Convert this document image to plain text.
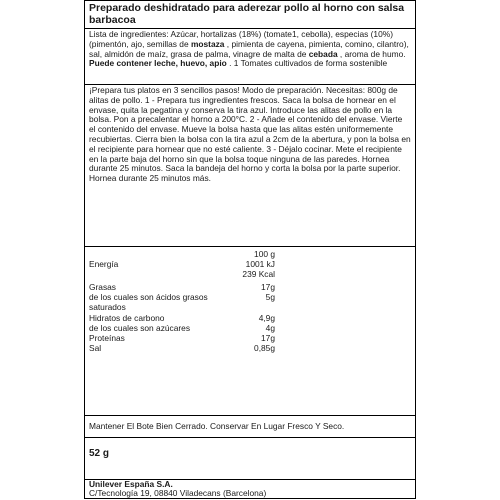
Preparado deshidratado para aderezar pollo al horno con salsa barbacoa

Lista de ingredientes: Azúcar, hortalizas (18%) (tomate1, cebolla), especias (10%) (pimentón, ajo, semillas de mostaza , pimienta de cayena, pimienta, comino, cilantro), sal, almidón de maíz, grasa de palma, vinagre de malta de cebada , aroma de humo. Puede contener leche, huevo, apio . 1 Tomates cultivados de forma sostenible

¡Prepara tus platos en 3 sencillos pasos! Modo de preparación. Necesitas: 800g de alitas de pollo. 1 - Prepara tus ingredientes frescos. Saca la bolsa de hornear en el envase, quita la pegatina y conserva la tira azul. Introduce las alitas de pollo en la bolsa. Pon a precalentar el horno a 200°C. 2 - Añade el contenido del envase. Vierte el contenido del envase. Mueve la bolsa hasta que las alitas estén uniformemente recubiertas. Cierra bien la bolsa con la tira azul a 2cm de la abertura, y pon la bolsa en el recipiente para hornear que no esté caliente. 3 - Déjalo cocinar. Mete el recipiente en la parte baja del horno sin que la bolsa toque ninguna de las paredes. Hornea durante 25 minutos. Saca la bandeja del horno y corta la bolsa por la parte superior. Hornea durante 25 minutos más.

100 g
Energía	1001 kJ
239 Kcal
Grasas	17g
de los cuales son ácidos grasos	5g
saturados
Hidratos de carbono	4,9g
de los cuales son azúcares	4g
Proteínas	17g
Sal	0,85g

Mantener El Bote Bien Cerrado. Conservar En Lugar Fresco Y Seco.

52 g

Unilever España S.A.

C/Tecnología 19, 08840 Viladecans (Barcelona)
